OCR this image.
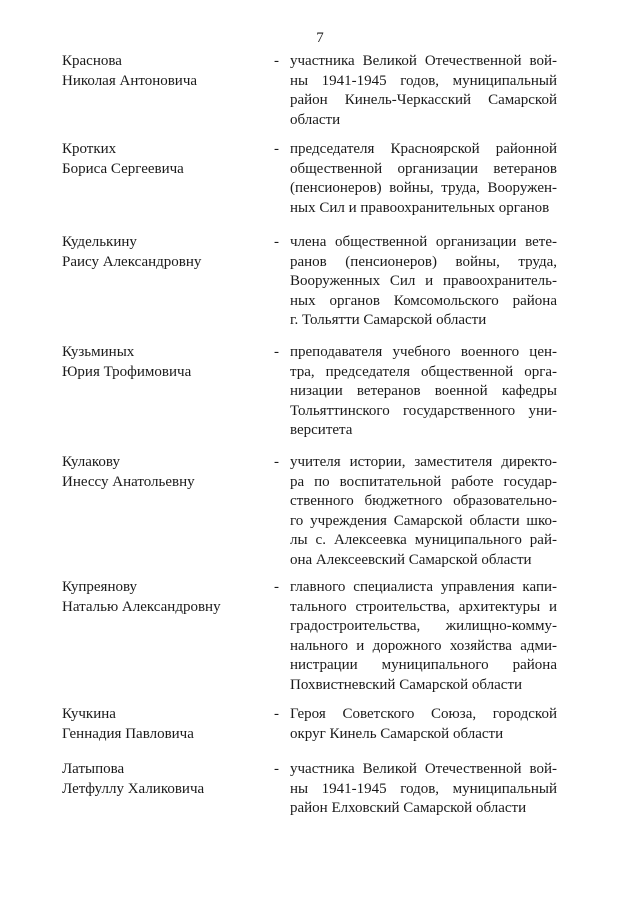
7
Краснова
Николая Антоновича
- участника Великой Отечественной вой-
ны 1941-1945 годов, муниципальный
район Кинель-Черкасский Самарской
области
Кротких
Бориса Сергеевича
- председателя Красноярской районной
общественной организации ветеранов
(пенсионеров) войны, труда, Вооружен-
ных Сил и правоохранительных органов
Куделькину
Раису Александровну
- члена общественной организации вете-
ранов (пенсионеров) войны, труда,
Вооруженных Сил и правоохранитель-
ных органов Комсомольского района
г. Тольятти Самарской области
Кузьминых
Юрия Трофимовича
- преподавателя учебного военного цен-
тра, председателя общественной орга-
низации ветеранов военной кафедры
Тольяттинского государственного уни-
верситета
Кулакову
Инессу Анатольевну
- учителя истории, заместителя директо-
ра по воспитательной работе государ-
ственного бюджетного образовательно-
го учреждения Самарской области шко-
лы с. Алексеевка муниципального рай-
она Алексеевский Самарской области
Купреянову
Наталью Александровну
- главного специалиста управления капи-
тального строительства, архитектуры и
градостроительства, жилищно-комму-
нального и дорожного хозяйства адми-
нистрации муниципального района
Похвистневский Самарской области
Кучкина
Геннадия Павловича
- Героя Советского Союза, городской
округ Кинель Самарской области
Латыпова
Летфуллу Халиковича
- участника Великой Отечественной вой-
ны 1941-1945 годов, муниципальный
район Елховский Самарской области
